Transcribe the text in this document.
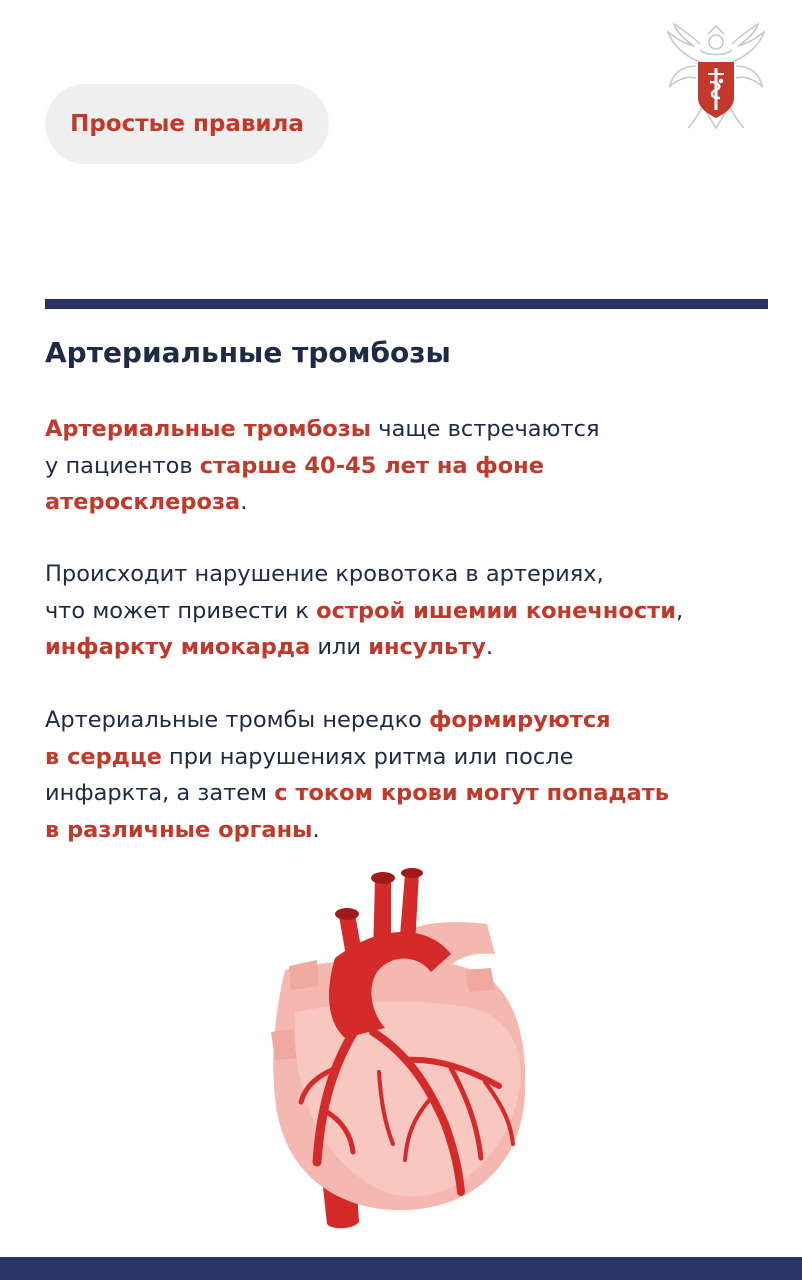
Простые правила
Артериальные тромбозы

Артериальные тромбозы чаще встречаются
у пациентов старше 40-45 лет на фоне
атеросклероза.

Происходит нарушение кровотока в артериях,
что может привести к острой ишемии конечности,
инфаркту миокарда или инсульту.

Артериальные тромбы нередко формируются
в сердце при нарушениях ритма или после
инфаркта, а затем с током крови могут попадать
в различные органы.
